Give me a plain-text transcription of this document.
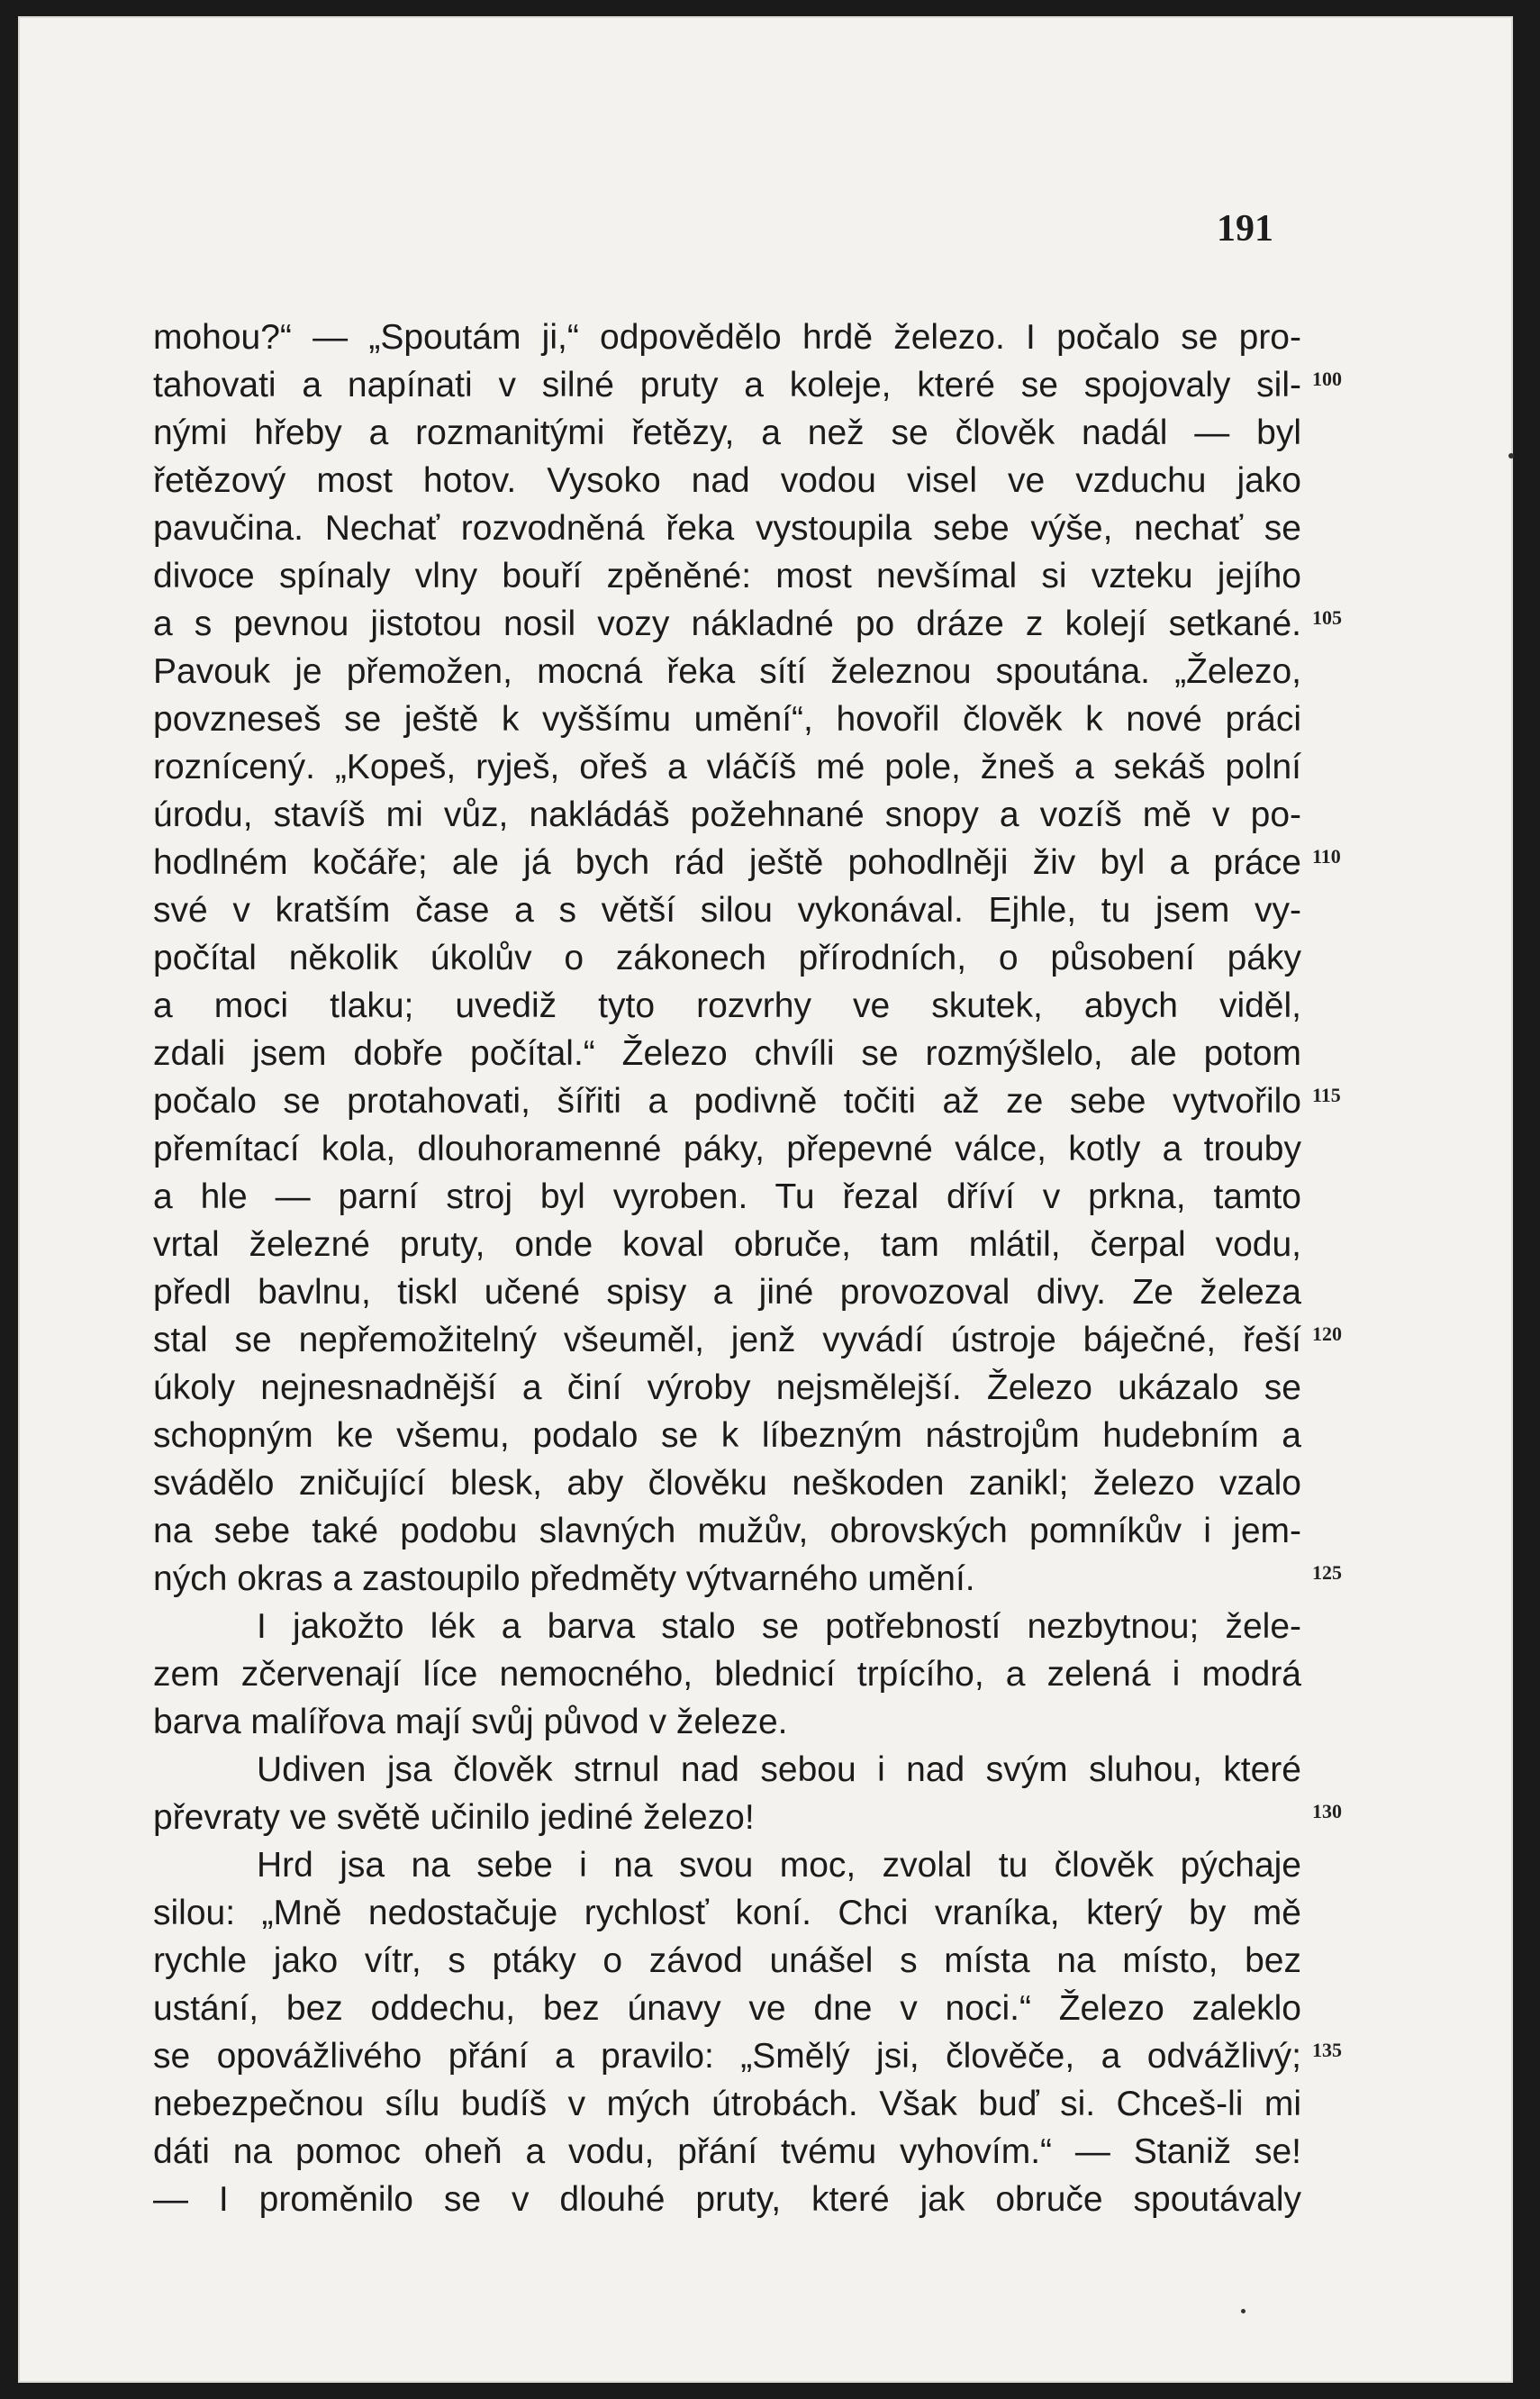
191
mohou?“ — „Spoutám ji,“ odpovědělo hrdě železo. I počalo se pro-
tahovati a napínati v silné pruty a koleje, které se spojovaly sil- 100
nými hřeby a rozmanitými řetězy, a než se člověk nadál — byl
řetězový most hotov. Vysoko nad vodou visel ve vzduchu jako
pavučina. Nechať rozvodněná řeka vystoupila sebe výše, nechať se
divoce spínaly vlny bouří zpěněné: most nevšímal si vzteku jejího
a s pevnou jistotou nosil vozy nákladné po dráze z kolejí setkané. 105
Pavouk je přemožen, mocná řeka sítí železnou spoutána. „Železo,
povzneseš se ještě k vyššímu umění“, hovořil člověk k nové práci
roznícený. „Kopeš, ryješ, ořeš a vláčíš mé pole, žneš a sekáš polní
úrodu, stavíš mi vůz, nakládáš požehnané snopy a vozíš mě v po-
hodlném kočáře; ale já bych rád ještě pohodlněji živ byl a práce 110
své v kratším čase a s větší silou vykonával. Ejhle, tu jsem vy-
počítal několik úkolův o zákonech přírodních, o působení páky
a moci tlaku; uvediž tyto rozvrhy ve skutek, abych viděl,
zdali jsem dobře počítal.“ Železo chvíli se rozmýšlelo, ale potom
počalo se protahovati, šířiti a podivně točiti až ze sebe vytvořilo 115
přemítací kola, dlouhoramenné páky, přepevné válce, kotly a trouby
a hle — parní stroj byl vyroben. Tu řezal dříví v prkna, tamto
vrtal železné pruty, onde koval obruče, tam mlátil, čerpal vodu,
předl bavlnu, tiskl učené spisy a jiné provozoval divy. Ze železa
stal se nepřemožitelný všeuměl, jenž vyvádí ústroje báječné, řeší 120
úkoly nejnesnadnější a činí výroby nejsmělejší. Železo ukázalo se
schopným ke všemu, podalo se k líbezným nástrojům hudebním a
svádělo zničující blesk, aby člověku neškoden zanikl; železo vzalo
na sebe také podobu slavných mužův, obrovských pomníkův i jem-
ných okras a zastoupilo předměty výtvarného umění.	125
I jakožto lék a barva stalo se potřebností nezbytnou; žele-
zem zčervenají líce nemocného, blednicí trpícího, a zelená i modrá
barva malířova mají svůj původ v železe.
Udiven jsa člověk strnul nad sebou i nad svým sluhou, které
převraty ve světě učinilo jediné železo!	130
Hrd jsa na sebe i na svou moc, zvolal tu člověk pýchaje
silou: „Mně nedostačuje rychlosť koní. Chci vraníka, který by mě
rychle jako vítr, s ptáky o závod unášel s místa na místo, bez
ustání, bez oddechu, bez únavy ve dne v noci.“ Železo zaleklo
se opovážlivého přání a pravilo: „Smělý jsi, člověče, a odvážlivý; 135
nebezpečnou sílu budíš v mých útrobách. Však buď si. Chceš-li mi
dáti na pomoc oheň a vodu, přání tvému vyhovím.“ — Staniž se!
— I proměnilo se v dlouhé pruty, které jak obruče spoutávaly
